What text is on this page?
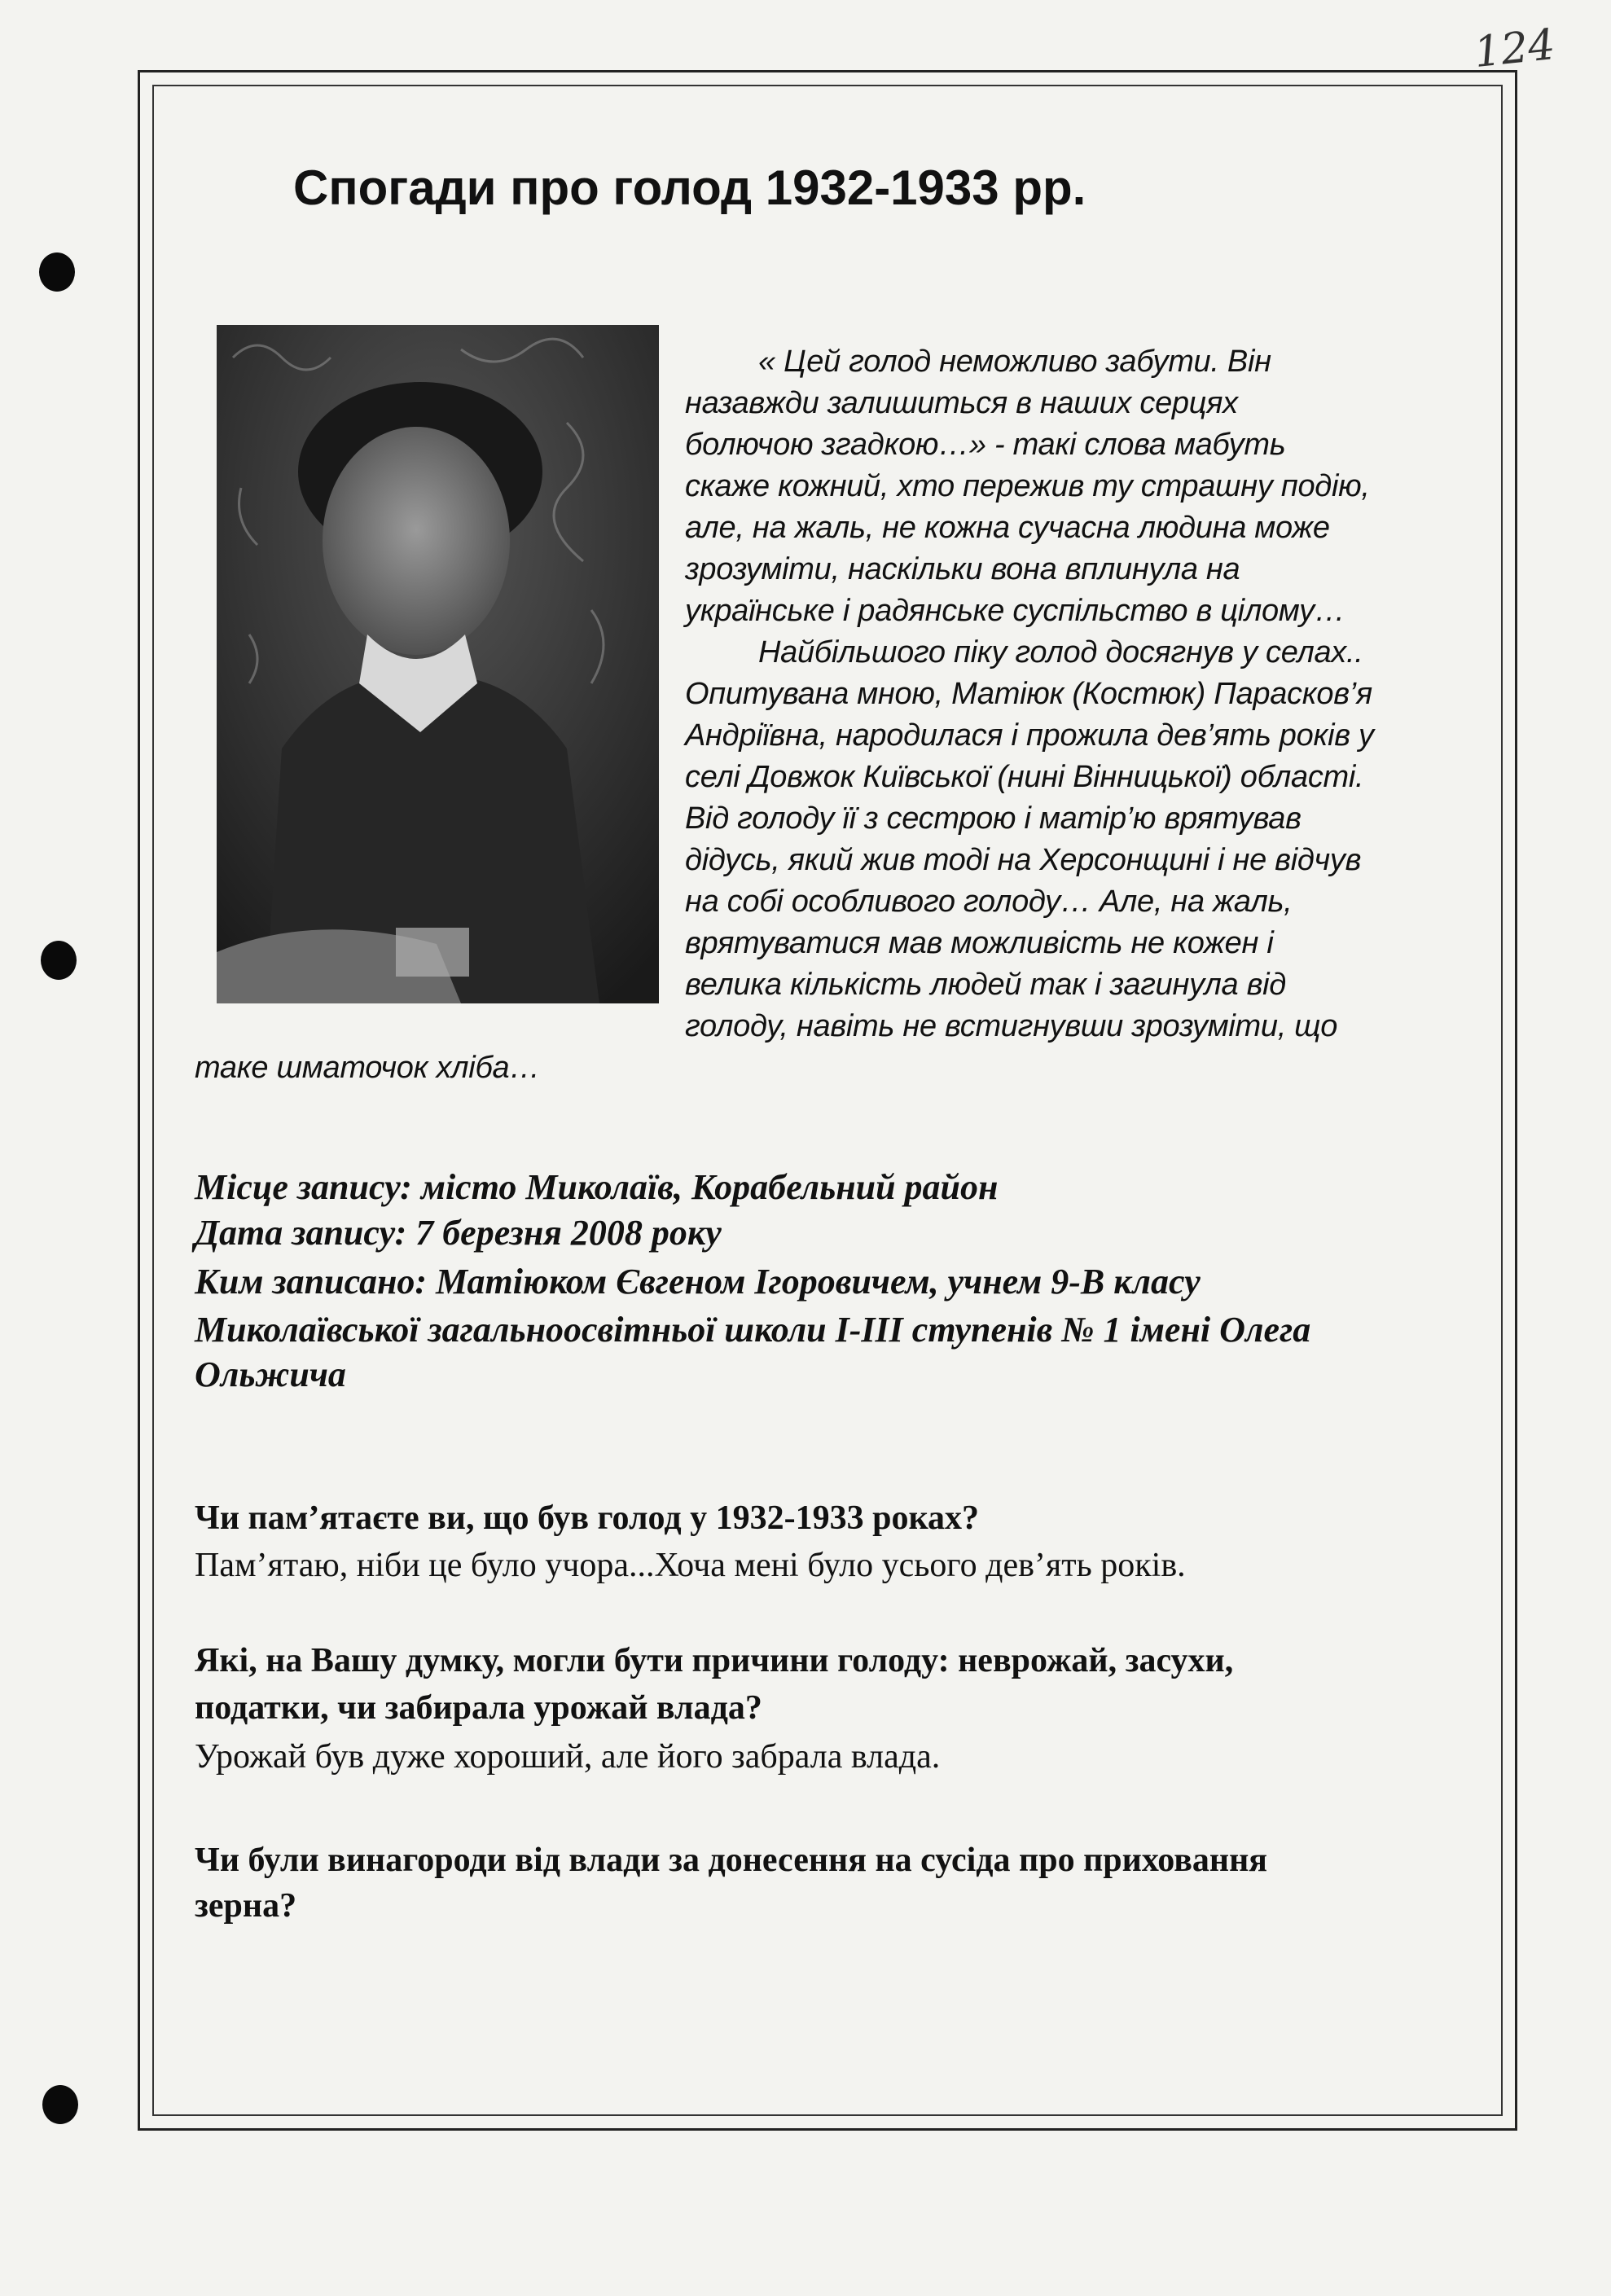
124
Спогади про голод 1932-1933 рр.
« Цей голод неможливо забути. Він
назавжди залишиться в наших серцях
болючою згадкою…» - такі слова мабуть
скаже кожний, хто пережив ту страшну подію,
але, на жаль, не кожна сучасна людина може
зрозуміти, наскільки вона вплинула на
українське і радянське суспільство в цілому…
Найбільшого піку голод досягнув у селах..
Опитувана мною, Матіюк (Костюк) Парасков’я
Андріївна, народилася і прожила дев’ять років у
селі Довжок Київської (нині Вінницької) області.
Від голоду її з сестрою і матір’ю врятував
дідусь, який жив тоді на Херсонщині і не відчув
на собі особливого голоду… Але, на жаль,
врятуватися мав можливість не кожен і
велика кількість людей так і загинула від
голоду, навіть не встигнувши зрозуміти, що
таке шматочок хліба…
Місце запису: місто Миколаїв, Корабельний район
Дата запису: 7 березня 2008 року
Ким записано: Матіюком Євгеном Ігоровичем, учнем 9-В класу
Миколаївської загальноосвітньої школи І-ІІІ ступенів № 1 імені Олега
Ольжича
Чи пам’ятаєте ви, що був голод у 1932-1933 роках?
Пам’ятаю, ніби це було учора...Хоча мені було усього дев’ять років.
Які, на Вашу думку, могли бути причини голоду: неврожай, засухи,
податки, чи забирала урожай влада?
Урожай був дуже хороший, але його забрала влада.
Чи були винагороди від влади за донесення на сусіда про приховання
зерна?
